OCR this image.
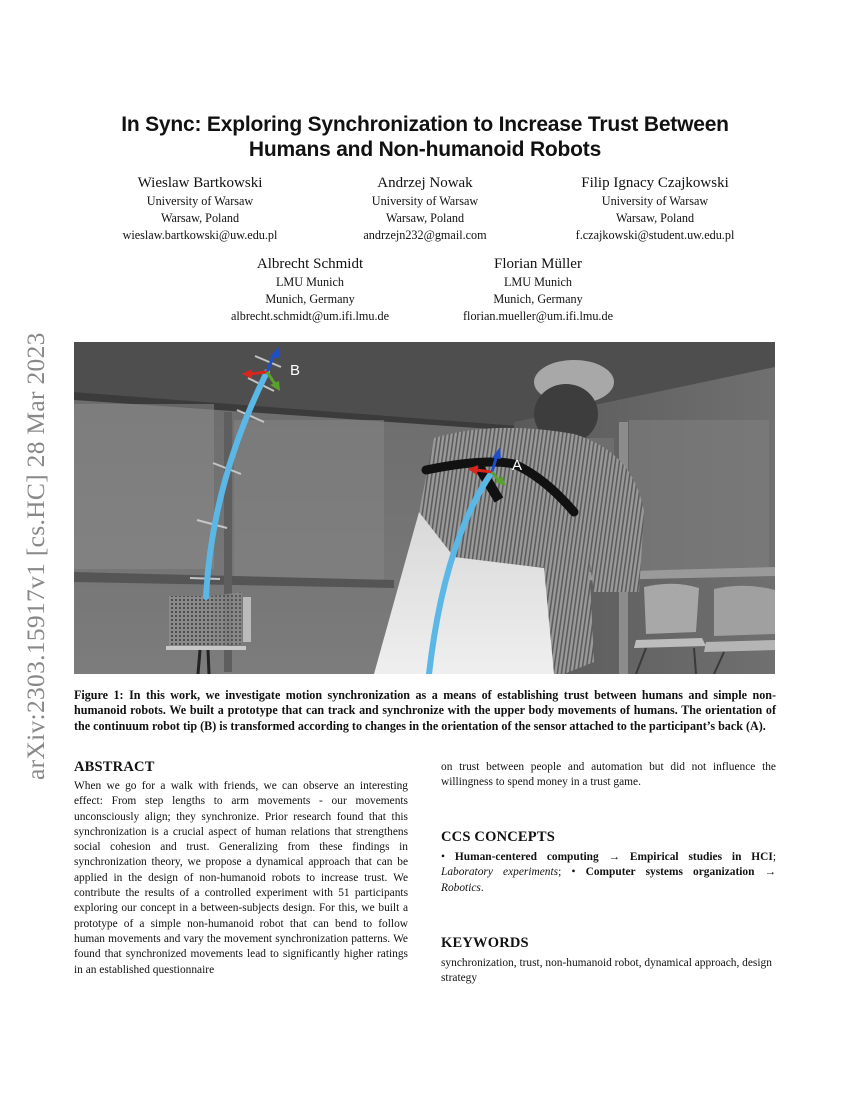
arXiv:2303.15917v1 [cs.HC] 28 Mar 2023
In Sync: Exploring Synchronization to Increase Trust Between
Humans and Non-humanoid Robots
Wieslaw Bartkowski
University of Warsaw
Warsaw, Poland
wieslaw.bartkowski@uw.edu.pl
Andrzej Nowak
University of Warsaw
Warsaw, Poland
andrzejn232@gmail.com
Filip Ignacy Czajkowski
University of Warsaw
Warsaw, Poland
f.czajkowski@student.uw.edu.pl
Albrecht Schmidt
LMU Munich
Munich, Germany
albrecht.schmidt@um.ifi.lmu.de
Florian Müller
LMU Munich
Munich, Germany
florian.mueller@um.ifi.lmu.de
B
A
Figure 1: In this work, we investigate motion synchronization as a means of establishing trust between humans and simple non-humanoid robots. We built a prototype that can track and synchronize with the upper body movements of humans. The orientation of the continuum robot tip (B) is transformed according to changes in the orientation of the sensor attached to the participant’s back (A).
ABSTRACT
When we go for a walk with friends, we can observe an interesting effect: From step lengths to arm movements - our movements unconsciously align; they synchronize. Prior research found that this synchronization is a crucial aspect of human relations that strengthens social cohesion and trust. Generalizing from these findings in synchronization theory, we propose a dynamical approach that can be applied in the design of non-humanoid robots to increase trust. We contribute the results of a controlled experiment with 51 participants exploring our concept in a between-subjects design. For this, we built a prototype of a simple non-humanoid robot that can bend to follow human movements and vary the movement synchronization patterns. We found that synchronized movements lead to significantly higher ratings in an established questionnaire
on trust between people and automation but did not influence the willingness to spend money in a trust game.
CCS CONCEPTS
• Human-centered computing → Empirical studies in HCI; Laboratory experiments; • Computer systems organization → Robotics.
KEYWORDS
synchronization, trust, non-humanoid robot, dynamical approach, design strategy
